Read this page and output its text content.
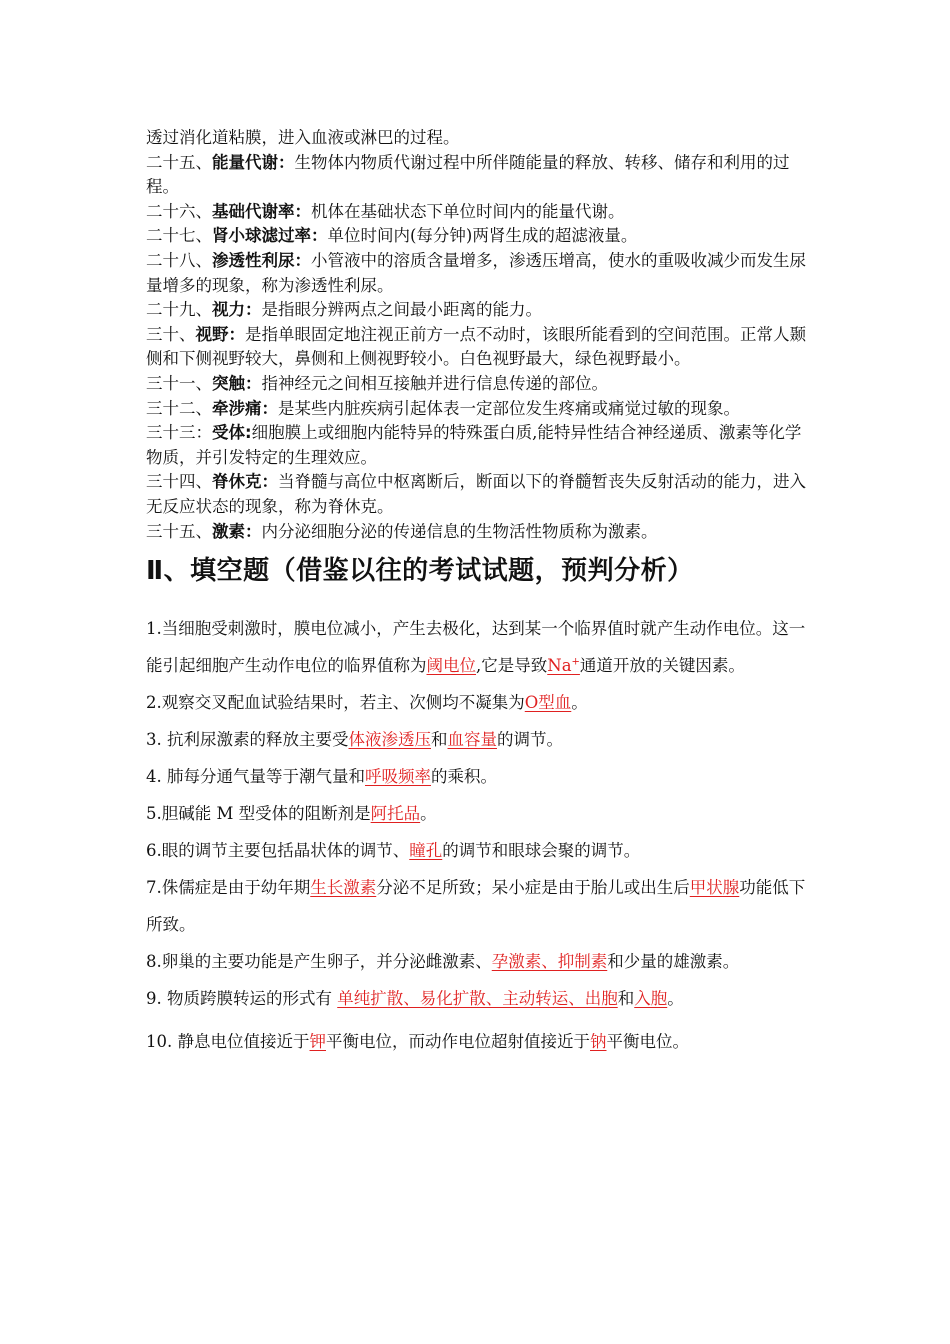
透过消化道粘膜，进入血液或淋巴的过程。

二十五、能量代谢：生物体内物质代谢过程中所伴随能量的释放、转移、储存和利用的过程。

二十六、基础代谢率：机体在基础状态下单位时间内的能量代谢。

二十七、肾小球滤过率：单位时间内(每分钟)两肾生成的超滤液量。

二十八、渗透性利尿：小管液中的溶质含量增多，渗透压增高，使水的重吸收减少而发生尿量增多的现象，称为渗透性利尿。

二十九、视力：是指眼分辨两点之间最小距离的能力。

三十、视野：是指单眼固定地注视正前方一点不动时，该眼所能看到的空间范围。正常人颞侧和下侧视野较大，鼻侧和上侧视野较小。白色视野最大，绿色视野最小。

三十一、突触：指神经元之间相互接触并进行信息传递的部位。

三十二、牵涉痛：是某些内脏疾病引起体表一定部位发生疼痛或痛觉过敏的现象。

三十三：受体:细胞膜上或细胞内能特异的特殊蛋白质,能特异性结合神经递质、激素等化学物质，并引发特定的生理效应。

三十四、脊休克：当脊髓与高位中枢离断后，断面以下的脊髓暂丧失反射活动的能力，进入无反应状态的现象，称为脊休克。

三十五、激素：内分泌细胞分泌的传递信息的生物活性物质称为激素。

Ⅱ、填空题（借鉴以往的考试试题，预判分析）

1.当细胞受刺激时，膜电位减小，产生去极化，达到某一个临界值时就产生动作电位。这一能引起细胞产生动作电位的临界值称为阈电位,它是导致Na+通道开放的关键因素。

2.观察交叉配血试验结果时，若主、次侧均不凝集为O型血。

3. 抗利尿激素的释放主要受体液渗透压和血容量的调节。

4. 肺每分通气量等于潮气量和呼吸频率的乘积。

5.胆碱能 M 型受体的阻断剂是阿托品。

6.眼的调节主要包括晶状体的调节、瞳孔的调节和眼球会聚的调节。

7.侏儒症是由于幼年期生长激素分泌不足所致；呆小症是由于胎儿或出生后甲状腺功能低下所致。

8.卵巢的主要功能是产生卵子，并分泌雌激素、孕激素、抑制素和少量的雄激素。

9. 物质跨膜转运的形式有 单纯扩散、易化扩散、主动转运、出胞和入胞。

10. 静息电位值接近于钾平衡电位，而动作电位超射值接近于钠平衡电位。
